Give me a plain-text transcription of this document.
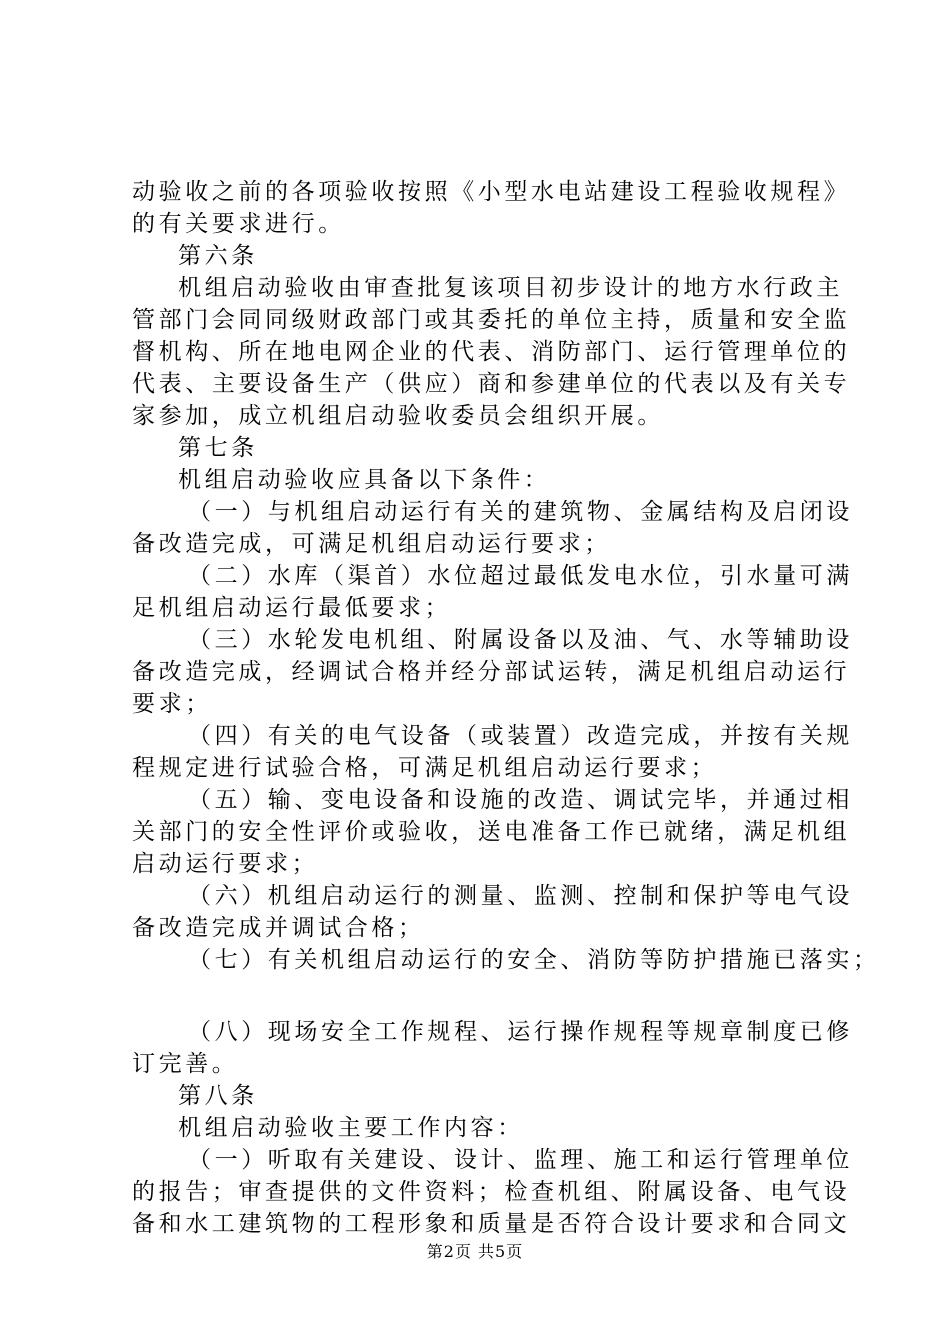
动验收之前的各项验收按照《小型水电站建设工程验收规程》
的有关要求进行。
第六条
机组启动验收由审查批复该项目初步设计的地方水行政主
管部门会同同级财政部门或其委托的单位主持，质量和安全监
督机构、所在地电网企业的代表、消防部门、运行管理单位的
代表、主要设备生产（供应）商和参建单位的代表以及有关专
家参加，成立机组启动验收委员会组织开展。
第七条
机组启动验收应具备以下条件：
（一）与机组启动运行有关的建筑物、金属结构及启闭设
备改造完成，可满足机组启动运行要求；
（二）水库（渠首）水位超过最低发电水位，引水量可满
足机组启动运行最低要求；
（三）水轮发电机组、附属设备以及油、气、水等辅助设
备改造完成，经调试合格并经分部试运转，满足机组启动运行
要求；
（四）有关的电气设备（或装置）改造完成，并按有关规
程规定进行试验合格，可满足机组启动运行要求；
（五）输、变电设备和设施的改造、调试完毕，并通过相
关部门的安全性评价或验收，送电准备工作已就绪，满足机组
启动运行要求；
（六）机组启动运行的测量、监测、控制和保护等电气设
备改造完成并调试合格；
（七）有关机组启动运行的安全、消防等防护措施已落实；
（八）现场安全工作规程、运行操作规程等规章制度已修
订完善。
第八条
机组启动验收主要工作内容：
（一）听取有关建设、设计、监理、施工和运行管理单位
的报告；审查提供的文件资料；检查机组、附属设备、电气设
备和水工建筑物的工程形象和质量是否符合设计要求和合同文
第2页 共5页
